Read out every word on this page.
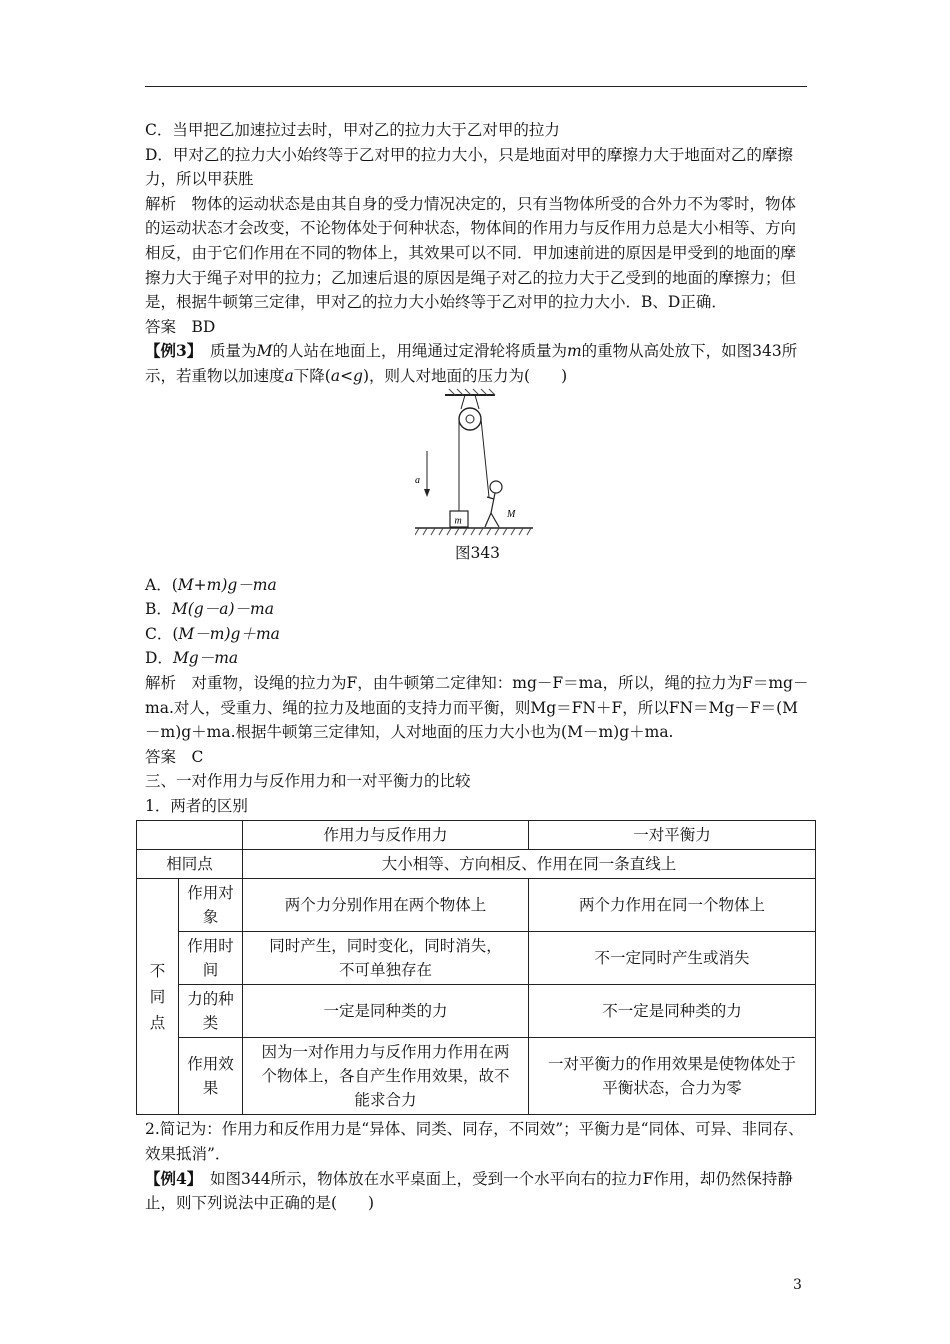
C．当甲把乙加速拉过去时，甲对乙的拉力大于乙对甲的拉力

D．甲对乙的拉力大小始终等于乙对甲的拉力大小，只是地面对甲的摩擦力大于地面对乙的摩擦力，所以甲获胜

解析　物体的运动状态是由其自身的受力情况决定的，只有当物体所受的合外力不为零时，物体的运动状态才会改变，不论物体处于何种状态，物体间的作用力与反作用力总是大小相等、方向相反，由于它们作用在不同的物体上，其效果可以不同．甲加速前进的原因是甲受到的地面的摩擦力大于绳子对甲的拉力；乙加速后退的原因是绳子对乙的拉力大于乙受到的地面的摩擦力；但是，根据牛顿第三定律，甲对乙的拉力大小始终等于乙对甲的拉力大小．B、D正确．

答案　BD

【例3】　质量为M的人站在地面上，用绳通过定滑轮将质量为m的重物从高处放下，如图343所示，若重物以加速度a下降(a<g)，则人对地面的压力为(　　)

m
a
M

图343

A．(M+m)g－ma

B．M(g－a)－ma

C．(M－m)g＋ma

D．Mg－ma

解析　对重物，设绳的拉力为F，由牛顿第二定律知：mg－F＝ma，所以，绳的拉力为F＝mg－ma.对人，受重力、绳的拉力及地面的支持力而平衡，则Mg＝FN＋F，所以FN＝Mg－F＝(M－m)g＋ma.根据牛顿第三定律知，人对地面的压力大小也为(M－m)g＋ma.

答案　C

三、一对作用力与反作用力和一对平衡力的比较

1．两者的区别

		作用力与反作用力	一对平衡力
相同点		大小相等、方向相反、作用在同一条直线上	
不同点	作用对象	两个力分别作用在两个物体上	两个力作用在同一个物体上
	作用时间	同时产生，同时变化，同时消失，不可单独存在	不一定同时产生或消失
	力的种类	一定是同种类的力	不一定是同种类的力
	作用效果	因为一对作用力与反作用力作用在两个物体上，各自产生作用效果，故不能求合力	一对平衡力的作用效果是使物体处于平衡状态，合力为零

2.简记为：作用力和反作用力是“异体、同类、同存，不同效”；平衡力是“同体、可异、非同存、效果抵消”．

【例4】　如图344所示，物体放在水平桌面上，受到一个水平向右的拉力F作用，却仍然保持静止，则下列说法中正确的是(　　)

3
